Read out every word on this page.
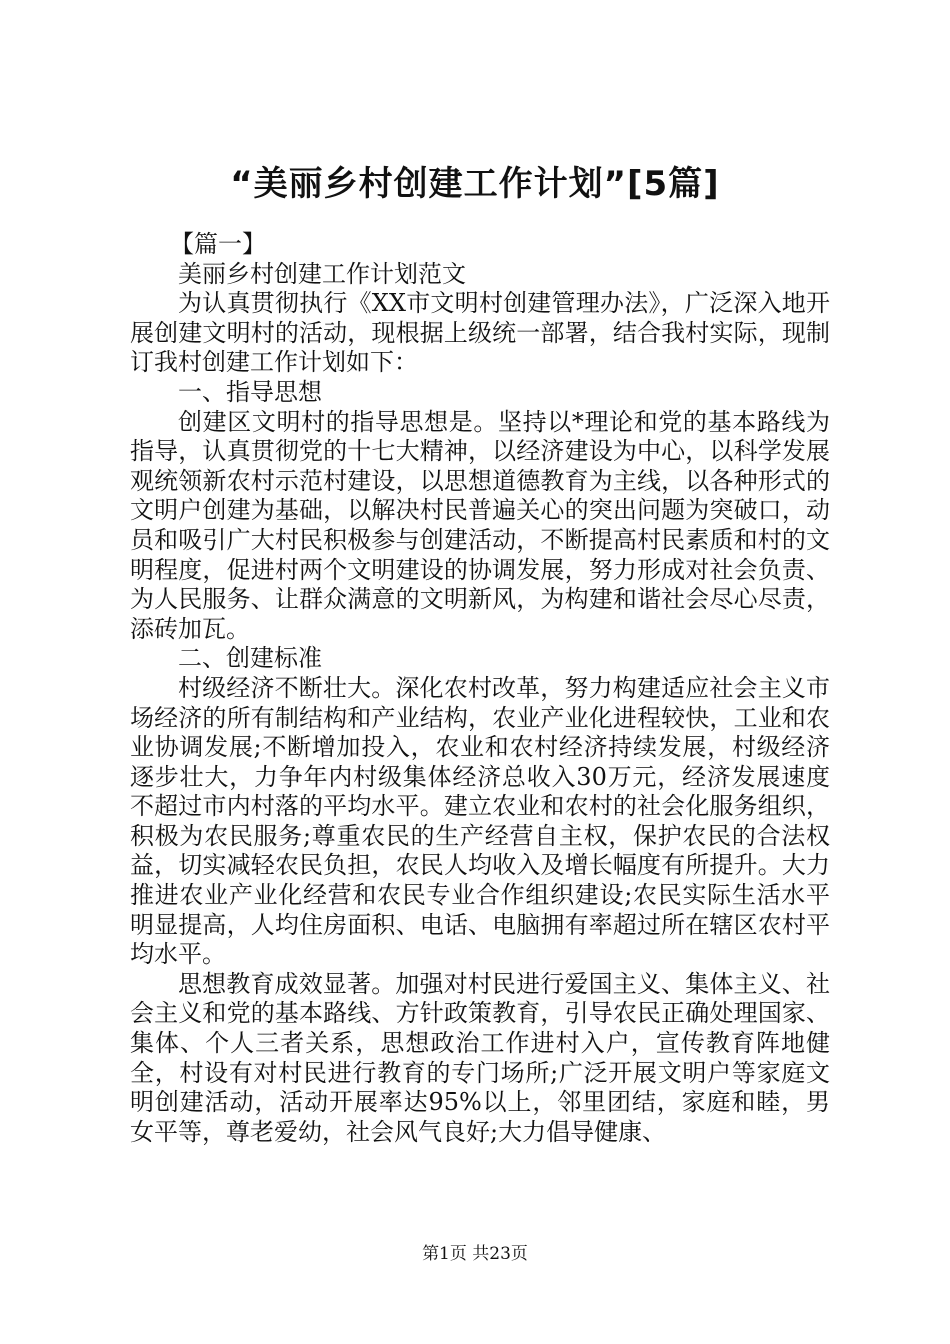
“美丽乡村创建工作计划”[5篇]

【篇一】

美丽乡村创建工作计划范文

为认真贯彻执行《XX市文明村创建管理办法》，广泛深入地开展创建文明村的活动，现根据上级统一部署，结合我村实际，现制订我村创建工作计划如下：

一、指导思想

创建区文明村的指导思想是。坚持以*理论和党的基本路线为指导，认真贯彻党的十七大精神，以经济建设为中心，以科学发展观统领新农村示范村建设，以思想道德教育为主线，以各种形式的文明户创建为基础，以解决村民普遍关心的突出问题为突破口，动员和吸引广大村民积极参与创建活动，不断提高村民素质和村的文明程度，促进村两个文明建设的协调发展，努力形成对社会负责、为人民服务、让群众满意的文明新风，为构建和谐社会尽心尽责，添砖加瓦。

二、创建标准

村级经济不断壮大。深化农村改革，努力构建适应社会主义市场经济的所有制结构和产业结构，农业产业化进程较快，工业和农业协调发展;不断增加投入，农业和农村经济持续发展，村级经济逐步壮大，力争年内村级集体经济总收入30万元，经济发展速度不超过市内村落的平均水平。建立农业和农村的社会化服务组织，积极为农民服务;尊重农民的生产经营自主权，保护农民的合法权益，切实减轻农民负担，农民人均收入及增长幅度有所提升。大力推进农业产业化经营和农民专业合作组织建设;农民实际生活水平明显提高，人均住房面积、电话、电脑拥有率超过所在辖区农村平均水平。

思想教育成效显著。加强对村民进行爱国主义、集体主义、社会主义和党的基本路线、方针政策教育，引导农民正确处理国家、集体、个人三者关系，思想政治工作进村入户，宣传教育阵地健全，村设有对村民进行教育的专门场所;广泛开展文明户等家庭文明创建活动，活动开展率达95%以上，邻里团结，家庭和睦，男女平等，尊老爱幼，社会风气良好;大力倡导健康、

第1页 共23页
